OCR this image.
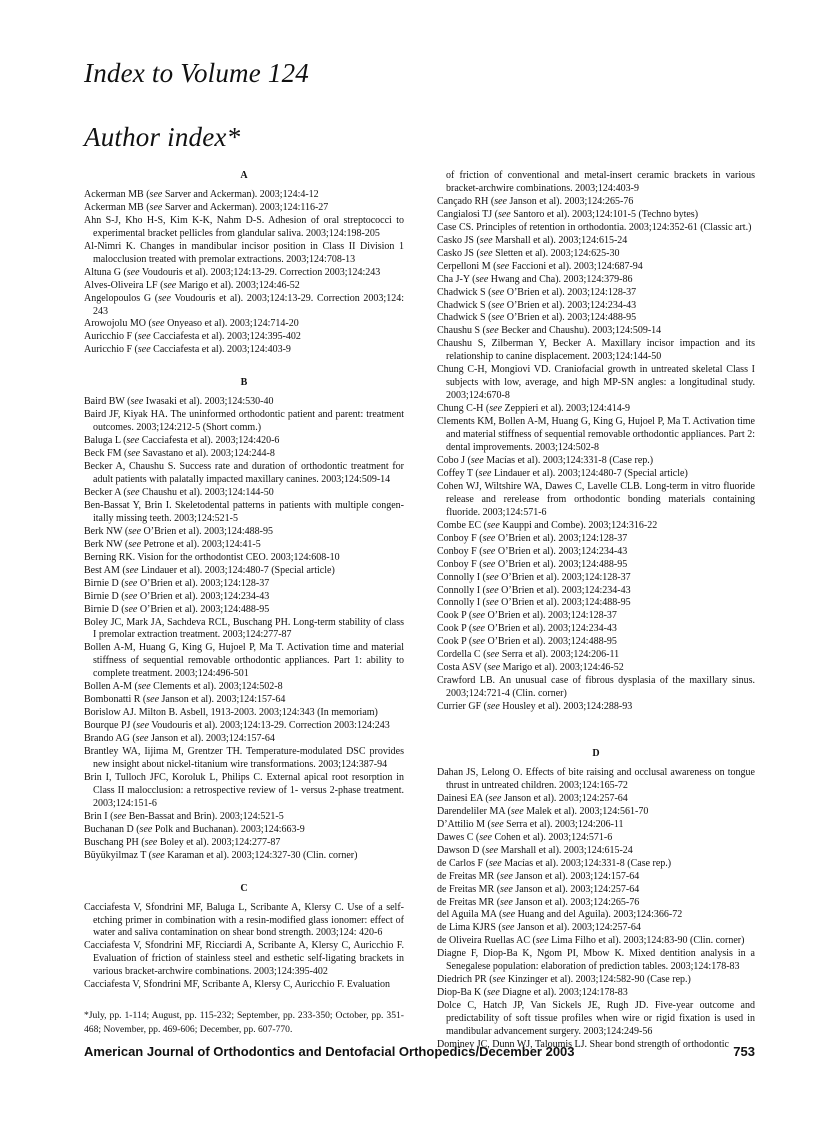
Index to Volume 124
Author index*
A
Ackerman MB (see Sarver and Ackerman). 2003;124:4-12
Ackerman MB (see Sarver and Ackerman). 2003;124:116-27
Ahn S-J, Kho H-S, Kim K-K, Nahm D-S. Adhesion of oral streptococci to experimental bracket pellicles from glandular saliva. 2003;124:198-205
Al-Nimri K. Changes in mandibular incisor position in Class II Division 1 malocclusion treated with premolar extractions. 2003;124:708-13
Altuna G (see Voudouris et al). 2003;124:13-29. Correction 2003;124:243
Alves-Oliveira LF (see Marigo et al). 2003;124:46-52
Angelopoulos G (see Voudouris et al). 2003;124:13-29. Correction 2003;124: 243
Arowojolu MO (see Onyeaso et al). 2003;124:714-20
Auricchio F (see Cacciafesta et al). 2003;124:395-402
Auricchio F (see Cacciafesta et al). 2003;124:403-9
B
Baird BW (see Iwasaki et al). 2003;124:530-40
Baird JF, Kiyak HA. The uninformed orthodontic patient and parent: treatment outcomes. 2003;124:212-5 (Short comm.)
Baluga L (see Cacciafesta et al). 2003;124:420-6
Beck FM (see Savastano et al). 2003;124:244-8
Becker A, Chaushu S. Success rate and duration of orthodontic treatment for adult patients with palatally impacted maxillary canines. 2003;124:509-14
Becker A (see Chaushu et al). 2003;124:144-50
Ben-Bassat Y, Brin I. Skeletodental patterns in patients with multiple congen-itally missing teeth. 2003;124:521-5
Berk NW (see O’Brien et al). 2003;124:488-95
Berk NW (see Petrone et al). 2003;124:41-5
Berning RK. Vision for the orthodontist CEO. 2003;124:608-10
Best AM (see Lindauer et al). 2003;124:480-7 (Special article)
Birnie D (see O’Brien et al). 2003;124:128-37
Birnie D (see O’Brien et al). 2003;124:234-43
Birnie D (see O’Brien et al). 2003;124:488-95
Boley JC, Mark JA, Sachdeva RCL, Buschang PH. Long-term stability of class I premolar extraction treatment. 2003;124:277-87
Bollen A-M, Huang G, King G, Hujoel P, Ma T. Activation time and material stiffness of sequential removable orthodontic appliances. Part 1: ability to complete treatment. 2003;124:496-501
Bollen A-M (see Clements et al). 2003;124:502-8
Bombonatti R (see Janson et al). 2003;124:157-64
Borislow AJ. Milton B. Asbell, 1913-2003. 2003;124:343 (In memoriam)
Bourque PJ (see Voudouris et al). 2003;124:13-29. Correction 2003:124:243
Brando AG (see Janson et al). 2003;124:157-64
Brantley WA, Iijima M, Grentzer TH. Temperature-modulated DSC provides new insight about nickel-titanium wire transformations. 2003;124:387-94
Brin I, Tulloch JFC, Koroluk L, Philips C. External apical root resorption in Class II malocclusion: a retrospective review of 1- versus 2-phase treatment. 2003;124:151-6
Brin I (see Ben-Bassat and Brin). 2003;124:521-5
Buchanan D (see Polk and Buchanan). 2003;124:663-9
Buschang PH (see Boley et al). 2003;124:277-87
Büyükyilmaz T (see Karaman et al). 2003;124:327-30 (Clin. corner)
C
Cacciafesta V, Sfondrini MF, Baluga L, Scribante A, Klersy C. Use of a self-etching primer in combination with a resin-modified glass ionomer: effect of water and saliva contamination on shear bond strength. 2003;124: 420-6
Cacciafesta V, Sfondrini MF, Ricciardi A, Scribante A, Klersy C, Auricchio F. Evaluation of friction of stainless steel and esthetic self-ligating brackets in various bracket-archwire combinations. 2003;124:395-402
Cacciafesta V, Sfondrini MF, Scribante A, Klersy C, Auricchio F. Evaluation
of friction of conventional and metal-insert ceramic brackets in various bracket-archwire combinations. 2003;124:403-9
Cançado RH (see Janson et al). 2003;124:265-76
Cangialosi TJ (see Santoro et al). 2003;124:101-5 (Techno bytes)
Case CS. Principles of retention in orthodontia. 2003;124:352-61 (Classic art.)
Casko JS (see Marshall et al). 2003;124:615-24
Casko JS (see Sletten et al). 2003;124:625-30
Cerpelloni M (see Faccioni et al). 2003;124:687-94
Cha J-Y (see Hwang and Cha). 2003;124:379-86
Chadwick S (see O’Brien et al). 2003;124:128-37
Chadwick S (see O’Brien et al). 2003;124:234-43
Chadwick S (see O’Brien et al). 2003;124:488-95
Chaushu S (see Becker and Chaushu). 2003;124:509-14
Chaushu S, Zilberman Y, Becker A. Maxillary incisor impaction and its relationship to canine displacement. 2003;124:144-50
Chung C-H, Mongiovi VD. Craniofacial growth in untreated skeletal Class I subjects with low, average, and high MP-SN angles: a longitudinal study. 2003;124:670-8
Chung C-H (see Zeppieri et al). 2003;124:414-9
Clements KM, Bollen A-M, Huang G, King G, Hujoel P, Ma T. Activation time and material stiffness of sequential removable orthodontic appliances. Part 2: dental improvements. 2003;124:502-8
Cobo J (see Macías et al). 2003;124:331-8 (Case rep.)
Coffey T (see Lindauer et al). 2003;124:480-7 (Special article)
Cohen WJ, Wiltshire WA, Dawes C, Lavelle CLB. Long-term in vitro fluoride release and rerelease from orthodontic bonding materials containing fluoride. 2003;124:571-6
Combe EC (see Kauppi and Combe). 2003;124:316-22
Conboy F (see O’Brien et al). 2003;124:128-37
Conboy F (see O’Brien et al). 2003;124:234-43
Conboy F (see O’Brien et al). 2003;124:488-95
Connolly I (see O’Brien et al). 2003;124:128-37
Connolly I (see O’Brien et al). 2003;124:234-43
Connolly I (see O’Brien et al). 2003;124:488-95
Cook P (see O’Brien et al). 2003;124:128-37
Cook P (see O’Brien et al). 2003;124:234-43
Cook P (see O’Brien et al). 2003;124:488-95
Cordella C (see Serra et al). 2003;124:206-11
Costa ASV (see Marigo et al). 2003;124:46-52
Crawford LB. An unusual case of fibrous dysplasia of the maxillary sinus. 2003;124:721-4 (Clin. corner)
Currier GF (see Housley et al). 2003;124:288-93
D
Dahan JS, Lelong O. Effects of bite raising and occlusal awareness on tongue thrust in untreated children. 2003;124:165-72
Dainesi EA (see Janson et al). 2003;124:257-64
Darendeliler MA (see Malek et al). 2003;124:561-70
D’Attilio M (see Serra et al). 2003;124:206-11
Dawes C (see Cohen et al). 2003;124:571-6
Dawson D (see Marshall et al). 2003;124:615-24
de Carlos F (see Macías et al). 2003;124:331-8 (Case rep.)
de Freitas MR (see Janson et al). 2003;124:157-64
de Freitas MR (see Janson et al). 2003;124:257-64
de Freitas MR (see Janson et al). 2003;124:265-76
del Aguila MA (see Huang and del Aguila). 2003;124:366-72
de Lima KJRS (see Janson et al). 2003;124:257-64
de Oliveira Ruellas AC (see Lima Filho et al). 2003;124:83-90 (Clin. corner)
Diagne F, Diop-Ba K, Ngom PI, Mbow K. Mixed dentition analysis in a Senegalese population: elaboration of prediction tables. 2003;124:178-83
Diedrich PR (see Kinzinger et al). 2003;124:582-90 (Case rep.)
Diop-Ba K (see Diagne et al). 2003;124:178-83
Dolce C, Hatch JP, Van Sickels JE, Rugh JD. Five-year outcome and predictability of soft tissue profiles when wire or rigid fixation is used in mandibular advancement surgery. 2003;124:249-56
Dominey JC, Dunn WJ, Taloumis LJ. Shear bond strength of orthodontic
*July, pp. 1-114; August, pp. 115-232; September, pp. 233-350; October, pp. 351-468; November, pp. 469-606; December, pp. 607-770.
American Journal of Orthodontics and Dentofacial Orthopedics/December 2003	753
